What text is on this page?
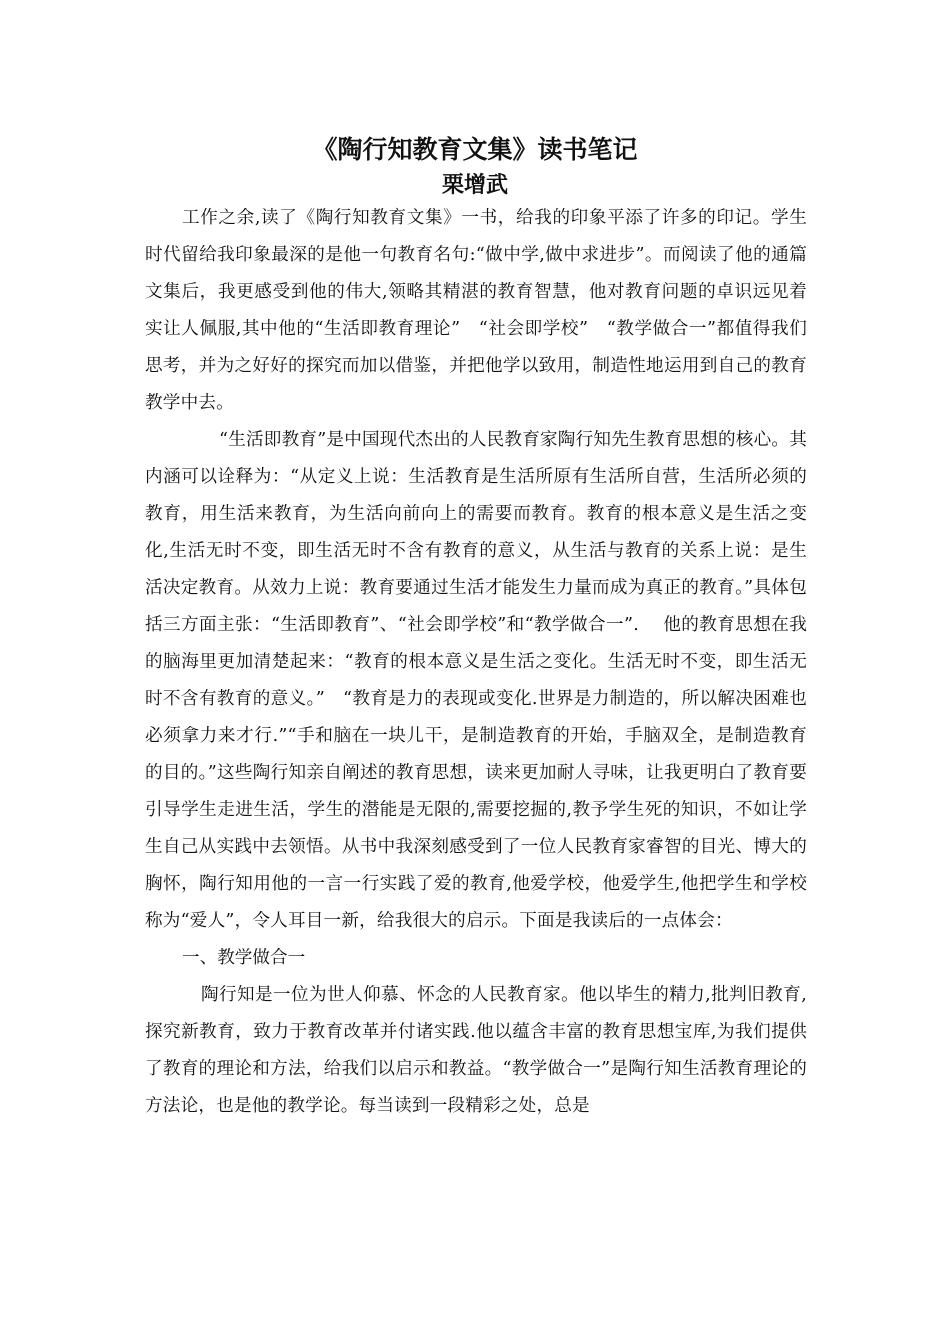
《陶行知教育文集》读书笔记
栗增武

工作之余,读了《陶行知教育文集》一书，给我的印象平添了许多的印记。学生时代留给我印象最深的是他一句教育名句:“做中学,做中求进步”。而阅读了他的通篇文集后，我更感受到他的伟大,领略其精湛的教育智慧，他对教育问题的卓识远见着实让人佩服,其中他的“生活即教育理论”　“社会即学校”　“教学做合一”都值得我们思考，并为之好好的探究而加以借鉴，并把他学以致用，制造性地运用到自己的教育教学中去。

“生活即教育”是中国现代杰出的人民教育家陶行知先生教育思想的核心。其内涵可以诠释为：“从定义上说：生活教育是生活所原有生活所自营，生活所必须的教育，用生活来教育，为生活向前向上的需要而教育。教育的根本意义是生活之变化,生活无时不变，即生活无时不含有教育的意义，从生活与教育的关系上说：是生活决定教育。从效力上说：教育要通过生活才能发生力量而成为真正的教育。”具体包括三方面主张：“生活即教育”、“社会即学校”和“教学做合一”.　 他的教育思想在我的脑海里更加清楚起来：“教育的根本意义是生活之变化。生活无时不变，即生活无时不含有教育的意义。”　“教育是力的表现或变化.世界是力制造的，所以解决困难也必须拿力来才行.”“手和脑在一块儿干，是制造教育的开始，手脑双全，是制造教育的目的。”这些陶行知亲自阐述的教育思想，读来更加耐人寻味，让我更明白了教育要引导学生走进生活，学生的潜能是无限的,需要挖掘的,教予学生死的知识，不如让学生自己从实践中去领悟。从书中我深刻感受到了一位人民教育家睿智的目光、博大的胸怀，陶行知用他的一言一行实践了爱的教育,他爱学校，他爱学生,他把学生和学校称为“爱人”，令人耳目一新，给我很大的启示。下面是我读后的一点体会：

一、教学做合一

陶行知是一位为世人仰慕、怀念的人民教育家。他以毕生的精力,批判旧教育,探究新教育，致力于教育改革并付诸实践.他以蕴含丰富的教育思想宝库,为我们提供了教育的理论和方法，给我们以启示和教益。“教学做合一”是陶行知生活教育理论的方法论，也是他的教学论。每当读到一段精彩之处，总是
